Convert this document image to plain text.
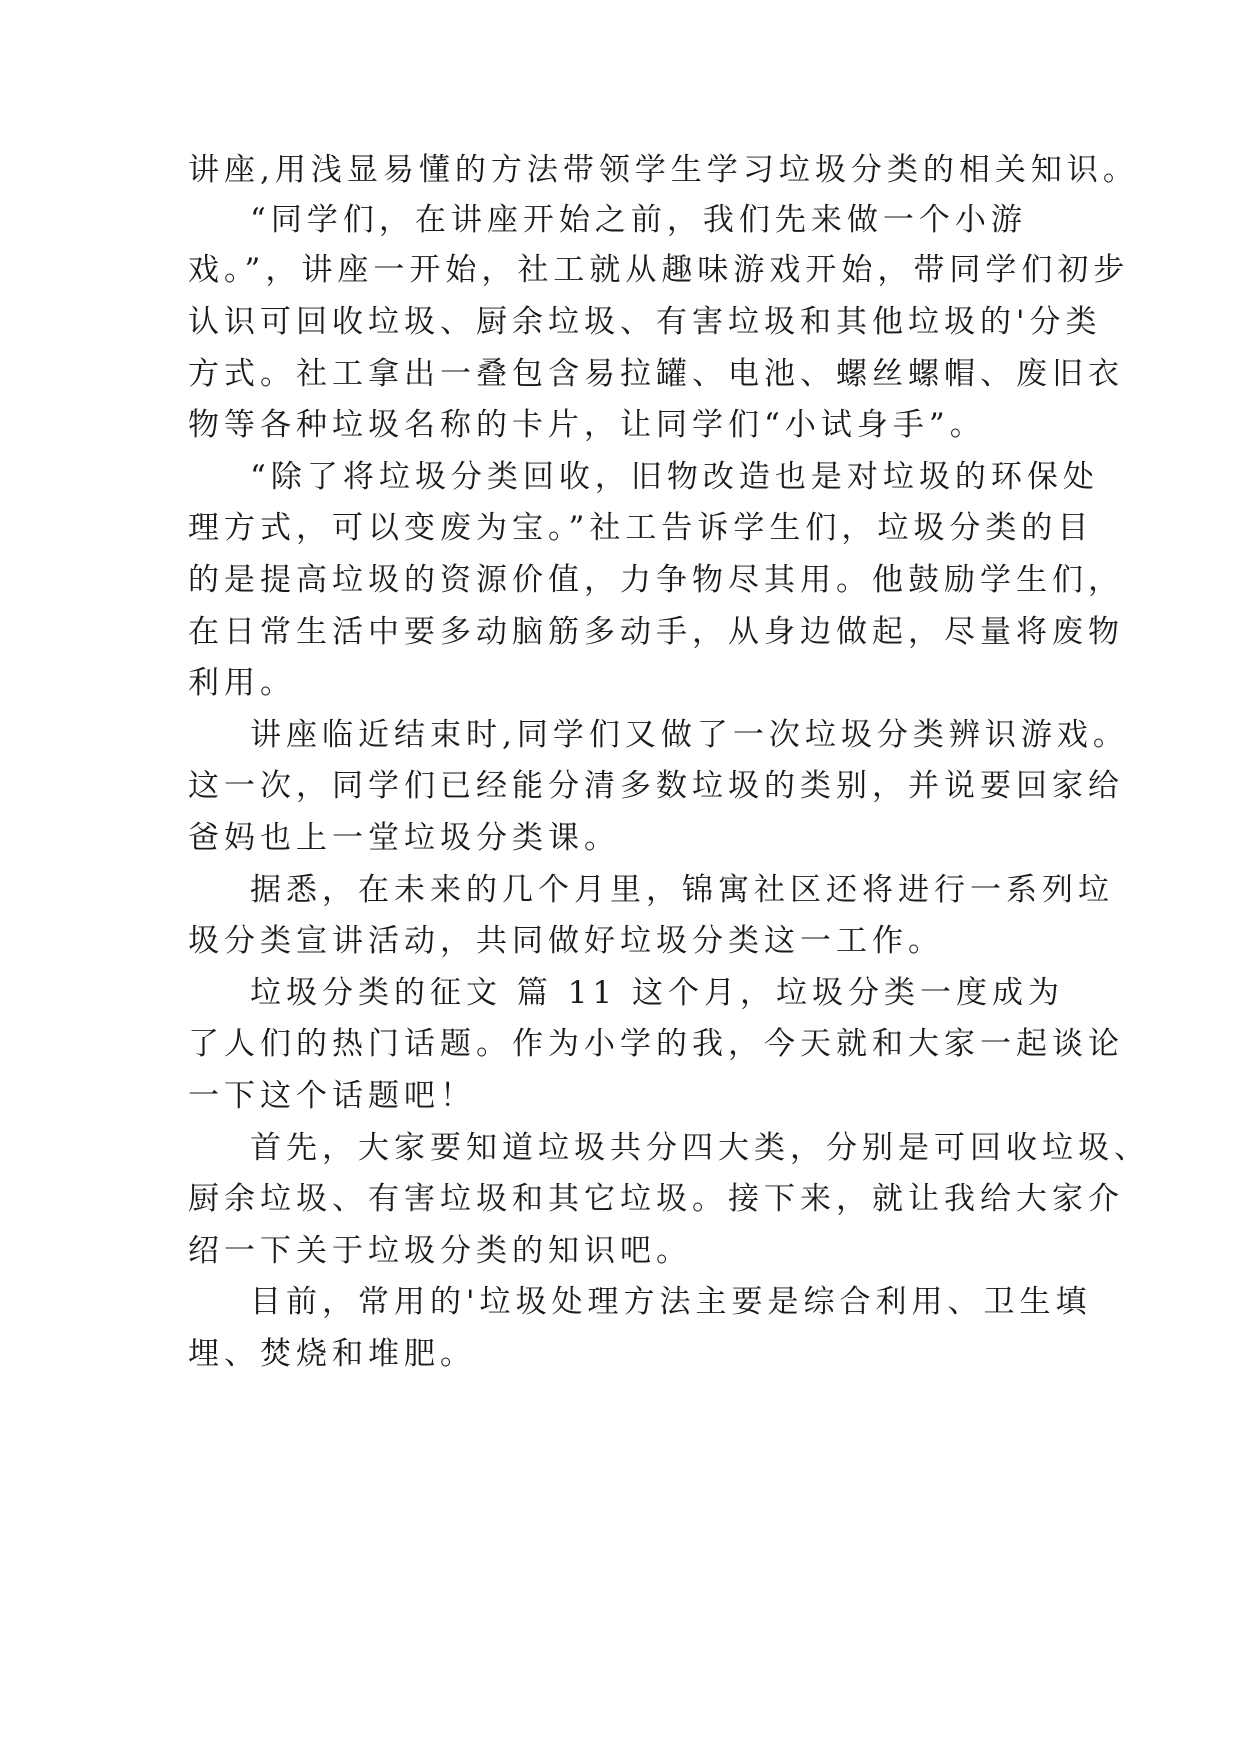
讲座,用浅显易懂的方法带领学生学习垃圾分类的相关知识。
“同学们，在讲座开始之前，我们先来做一个小游
戏。”，讲座一开始，社工就从趣味游戏开始，带同学们初步
认识可回收垃圾、厨余垃圾、有害垃圾和其他垃圾的'分类
方式。社工拿出一叠包含易拉罐、电池、螺丝螺帽、废旧衣
物等各种垃圾名称的卡片，让同学们“小试身手”。
“除了将垃圾分类回收，旧物改造也是对垃圾的环保处
理方式，可以变废为宝。”社工告诉学生们，垃圾分类的目
的是提高垃圾的资源价值，力争物尽其用。他鼓励学生们，
在日常生活中要多动脑筋多动手，从身边做起，尽量将废物
利用。
讲座临近结束时,同学们又做了一次垃圾分类辨识游戏。
这一次，同学们已经能分清多数垃圾的类别，并说要回家给
爸妈也上一堂垃圾分类课。
据悉，在未来的几个月里，锦寓社区还将进行一系列垃
圾分类宣讲活动，共同做好垃圾分类这一工作。
垃圾分类的征文 篇 11 这个月，垃圾分类一度成为
了人们的热门话题。作为小学的我，今天就和大家一起谈论
一下这个话题吧！
首先，大家要知道垃圾共分四大类，分别是可回收垃圾、
厨余垃圾、有害垃圾和其它垃圾。接下来，就让我给大家介
绍一下关于垃圾分类的知识吧。
目前，常用的'垃圾处理方法主要是综合利用、卫生填
埋、焚烧和堆肥。
